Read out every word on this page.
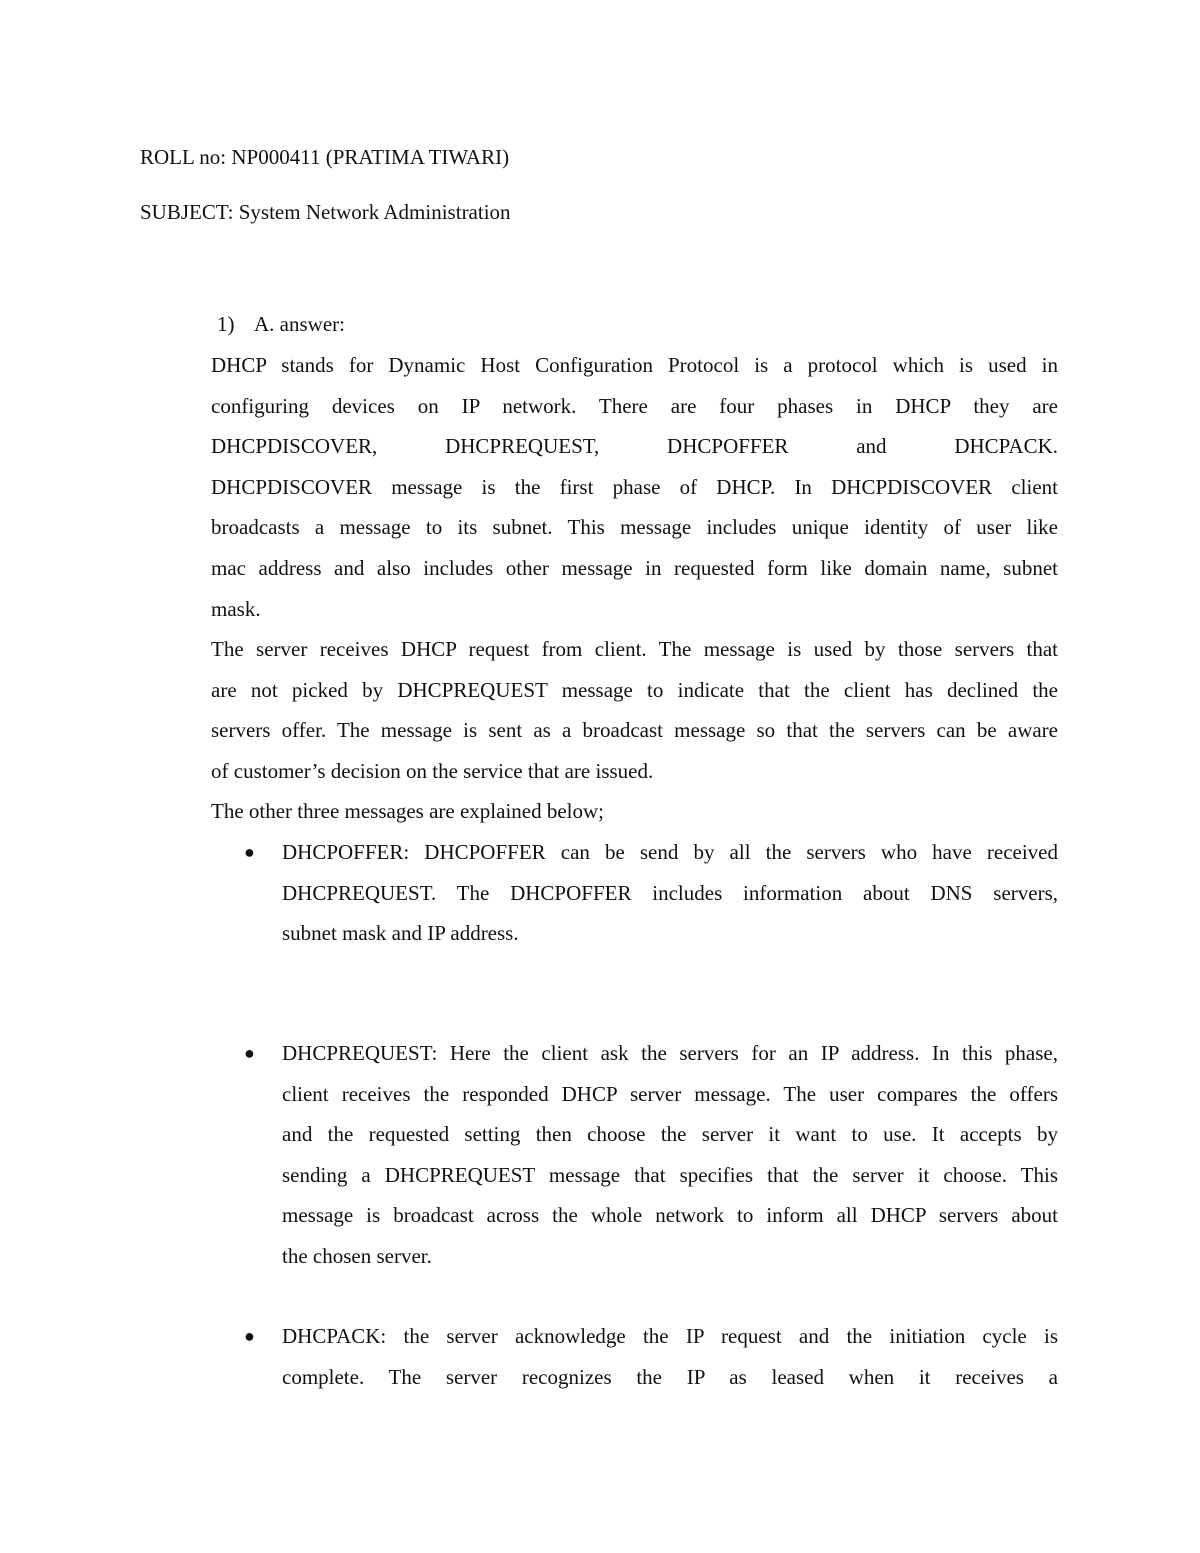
ROLL no: NP000411 (PRATIMA TIWARI)
SUBJECT: System Network Administration
1) A. answer:
DHCP stands for Dynamic Host Configuration Protocol is a protocol which is used in
configuring devices on IP network. There are four phases in DHCP they are
DHCPDISCOVER, DHCPREQUEST, DHCPOFFER and DHCPACK.
DHCPDISCOVER message is the first phase of DHCP. In DHCPDISCOVER client
broadcasts a message to its subnet. This message includes unique identity of user like
mac address and also includes other message in requested form like domain name, subnet
mask.
The server receives DHCP request from client. The message is used by those servers that
are not picked by DHCPREQUEST message to indicate that the client has declined the
servers offer. The message is sent as a broadcast message so that the servers can be aware
of customer’s decision on the service that are issued.
The other three messages are explained below;
●	DHCPOFFER: DHCPOFFER can be send by all the servers who have received
DHCPREQUEST. The DHCPOFFER includes information about DNS servers,
subnet mask and IP address.
●	DHCPREQUEST: Here the client ask the servers for an IP address. In this phase,
client receives the responded DHCP server message. The user compares the offers
and the requested setting then choose the server it want to use. It accepts by
sending a DHCPREQUEST message that specifies that the server it choose. This
message is broadcast across the whole network to inform all DHCP servers about
the chosen server.
●	DHCPACK: the server acknowledge the IP request and the initiation cycle is
complete. The server recognizes the IP as leased when it receives a
